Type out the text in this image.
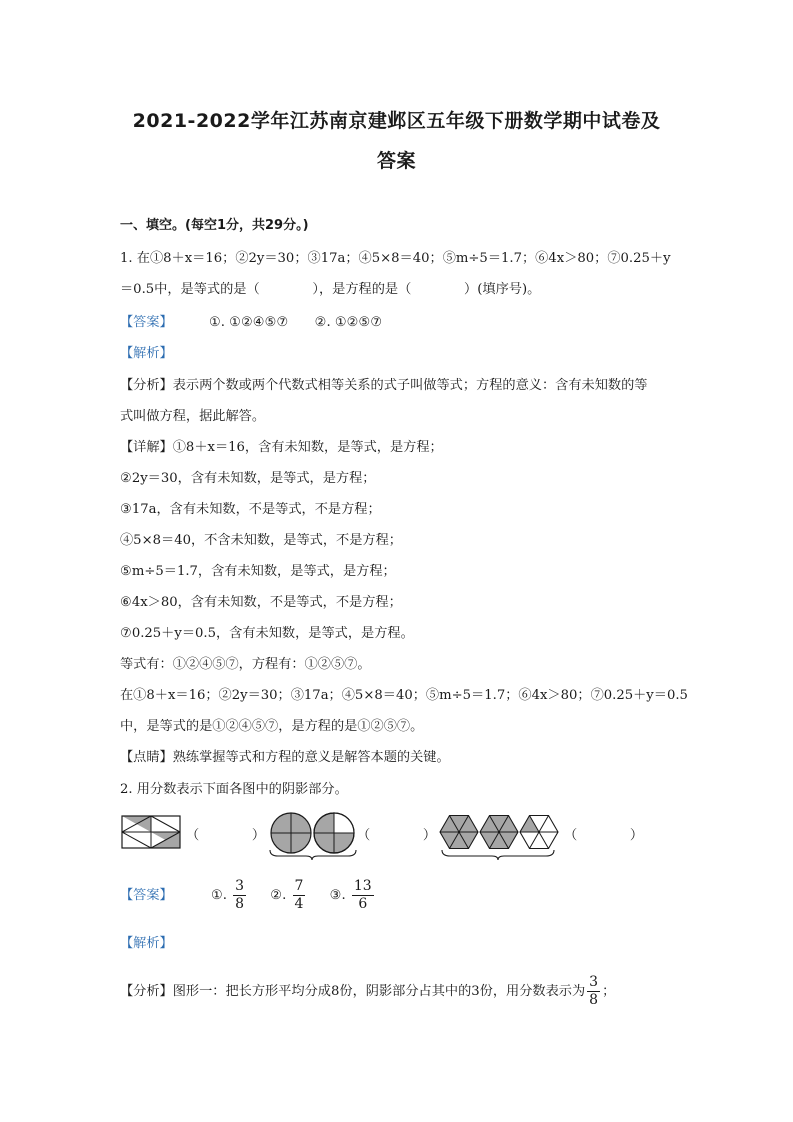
2021-2022学年江苏南京建邺区五年级下册数学期中试卷及
答案
一、填空。(每空1分，共29分。)
1. 在①8＋x＝16；②2y＝30；③17a；④5×8＝40；⑤m÷5＝1.7；⑥4x＞80；⑦0.25＋y
＝0.5中，是等式的是（　　　　），是方程的是（　　　　）(填序号)。
【答案】	①. ①②④⑤⑦　　②. ①②⑤⑦
【解析】
【分析】表示两个数或两个代数式相等关系的式子叫做等式；方程的意义：含有未知数的等
式叫做方程，据此解答。
【详解】①8＋x＝16，含有未知数，是等式，是方程；
②2y＝30，含有未知数，是等式，是方程；
③17a，含有未知数，不是等式，不是方程；
④5×8＝40，不含未知数，是等式，不是方程；
⑤m÷5＝1.7，含有未知数，是等式，是方程；
⑥4x＞80，含有未知数，不是等式，不是方程；
⑦0.25＋y＝0.5，含有未知数，是等式，是方程。
等式有：①②④⑤⑦，方程有：①②⑤⑦。
在①8＋x＝16；②2y＝30；③17a；④5×8＝40；⑤m÷5＝1.7；⑥4x＞80；⑦0.25＋y＝0.5
中，是等式的是①②④⑤⑦，是方程的是①②⑤⑦。
【点睛】熟练掌握等式和方程的意义是解答本题的关键。
2. 用分数表示下面各图中的阴影部分。
（　　　　）	（　　　　）	（　　　　）
【答案】	①. $\frac{3}{8}$ ②. $\frac{7}{4}$ ③. $\frac{13}{6}$
【解析】
【分析】图形一：把长方形平均分成8份，阴影部分占其中的3份，用分数表示为 $\frac{3}{8}$ ；
